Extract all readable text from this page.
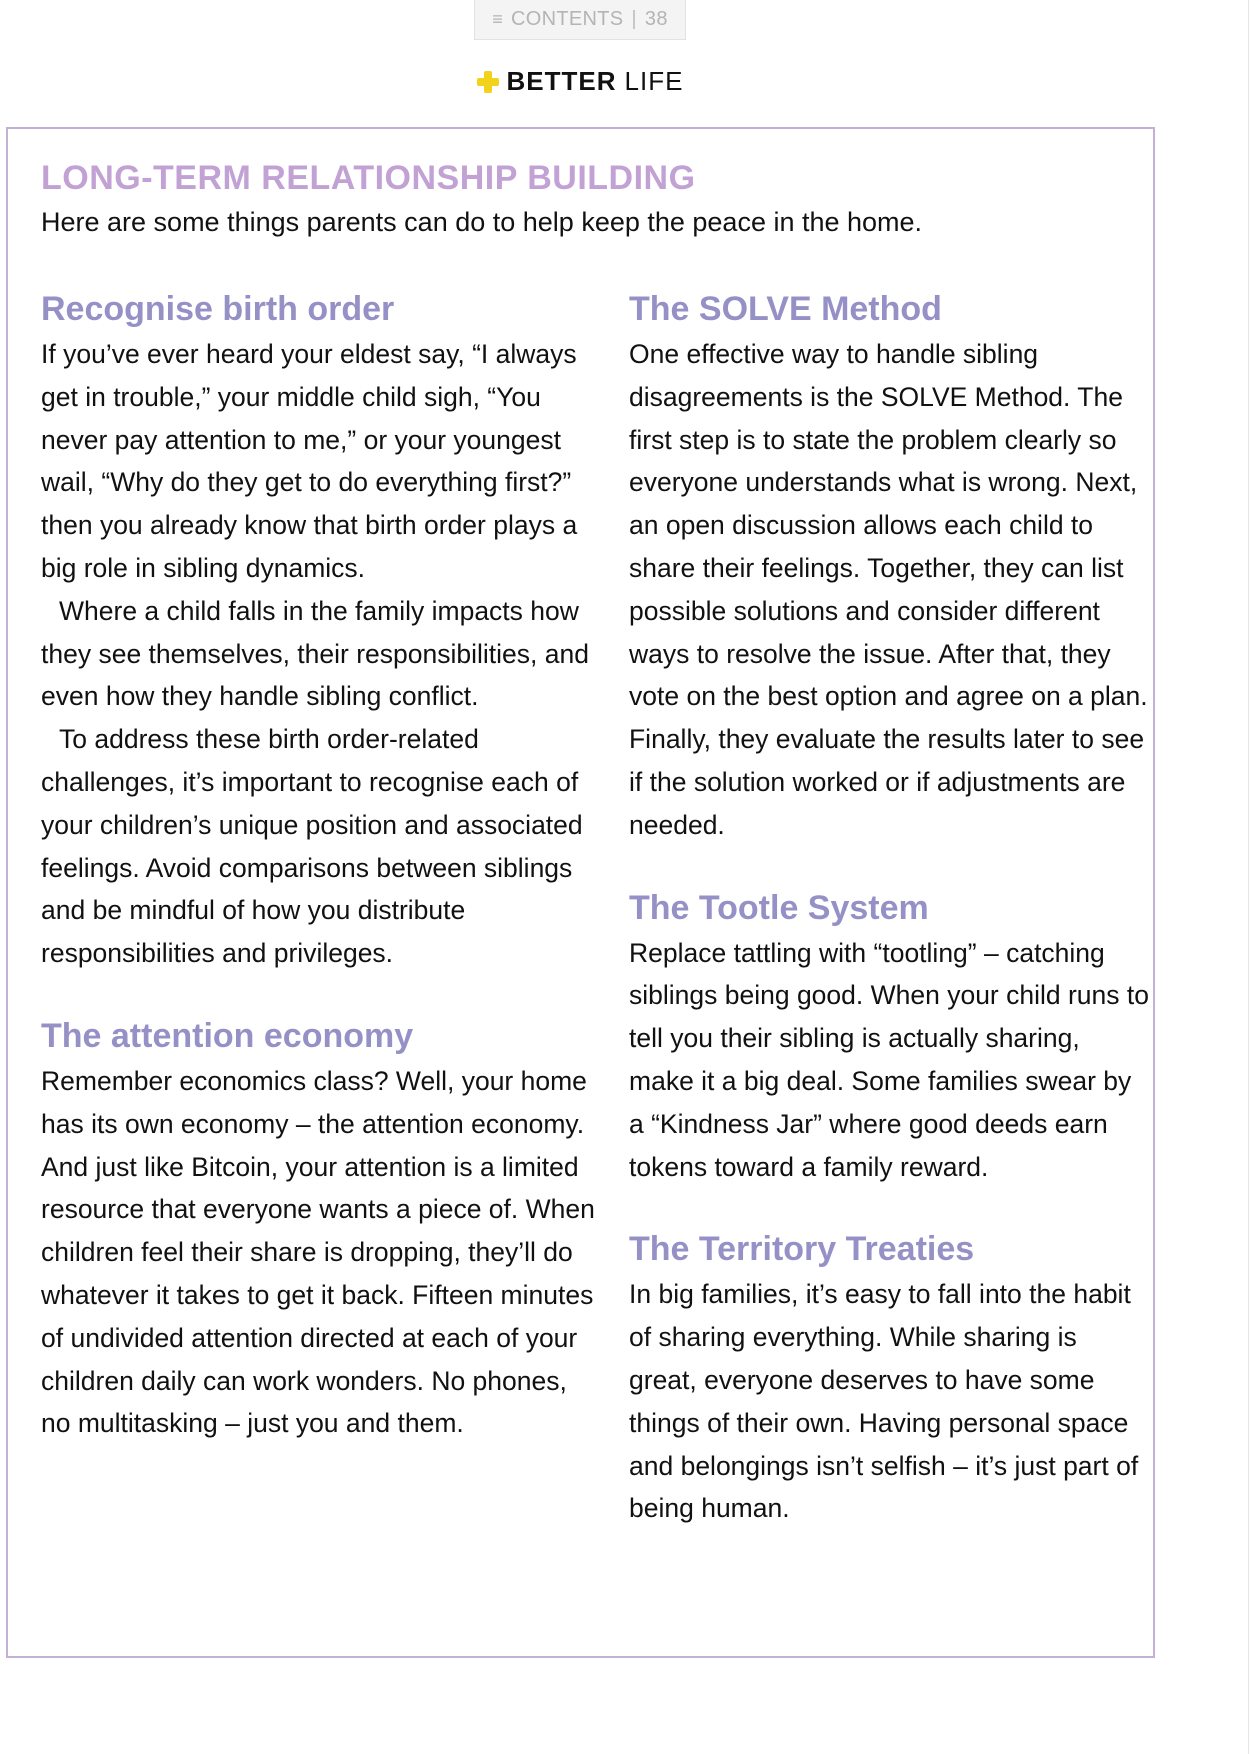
≡ CONTENTS | 38
BETTER LIFE
LONG-TERM RELATIONSHIP BUILDING

Here are some things parents can do to help keep the peace in the home.

Recognise birth order

If you’ve ever heard your eldest say, “I always get in trouble,” your middle child sigh, “You never pay attention to me,” or your youngest wail, “Why do they get to do everything first?” then you already know that birth order plays a big role in sibling dynamics.

Where a child falls in the family impacts how they see themselves, their responsibilities, and even how they handle sibling conflict.

To address these birth order-related challenges, it’s important to recognise each of your children’s unique position and associated feelings. Avoid comparisons between siblings and be mindful of how you distribute responsibilities and privileges.

The attention economy

Remember economics class? Well, your home has its own economy – the attention economy. And just like Bitcoin, your attention is a limited resource that everyone wants a piece of. When children feel their share is dropping, they’ll do whatever it takes to get it back. Fifteen minutes of undivided attention directed at each of your children daily can work wonders. No phones, no multitasking – just you and them.

The SOLVE Method

One effective way to handle sibling disagreements is the SOLVE Method. The first step is to state the problem clearly so everyone understands what is wrong. Next, an open discussion allows each child to share their feelings. Together, they can list possible solutions and consider different ways to resolve the issue. After that, they vote on the best option and agree on a plan. Finally, they evaluate the results later to see if the solution worked or if adjustments are needed.

The Tootle System

Replace tattling with “tootling” – catching siblings being good. When your child runs to tell you their sibling is actually sharing, make it a big deal. Some families swear by a “Kindness Jar” where good deeds earn tokens toward a family reward.

The Territory Treaties

In big families, it’s easy to fall into the habit of sharing everything. While sharing is great, everyone deserves to have some things of their own. Having personal space and belongings isn’t selfish – it’s just part of being human.
